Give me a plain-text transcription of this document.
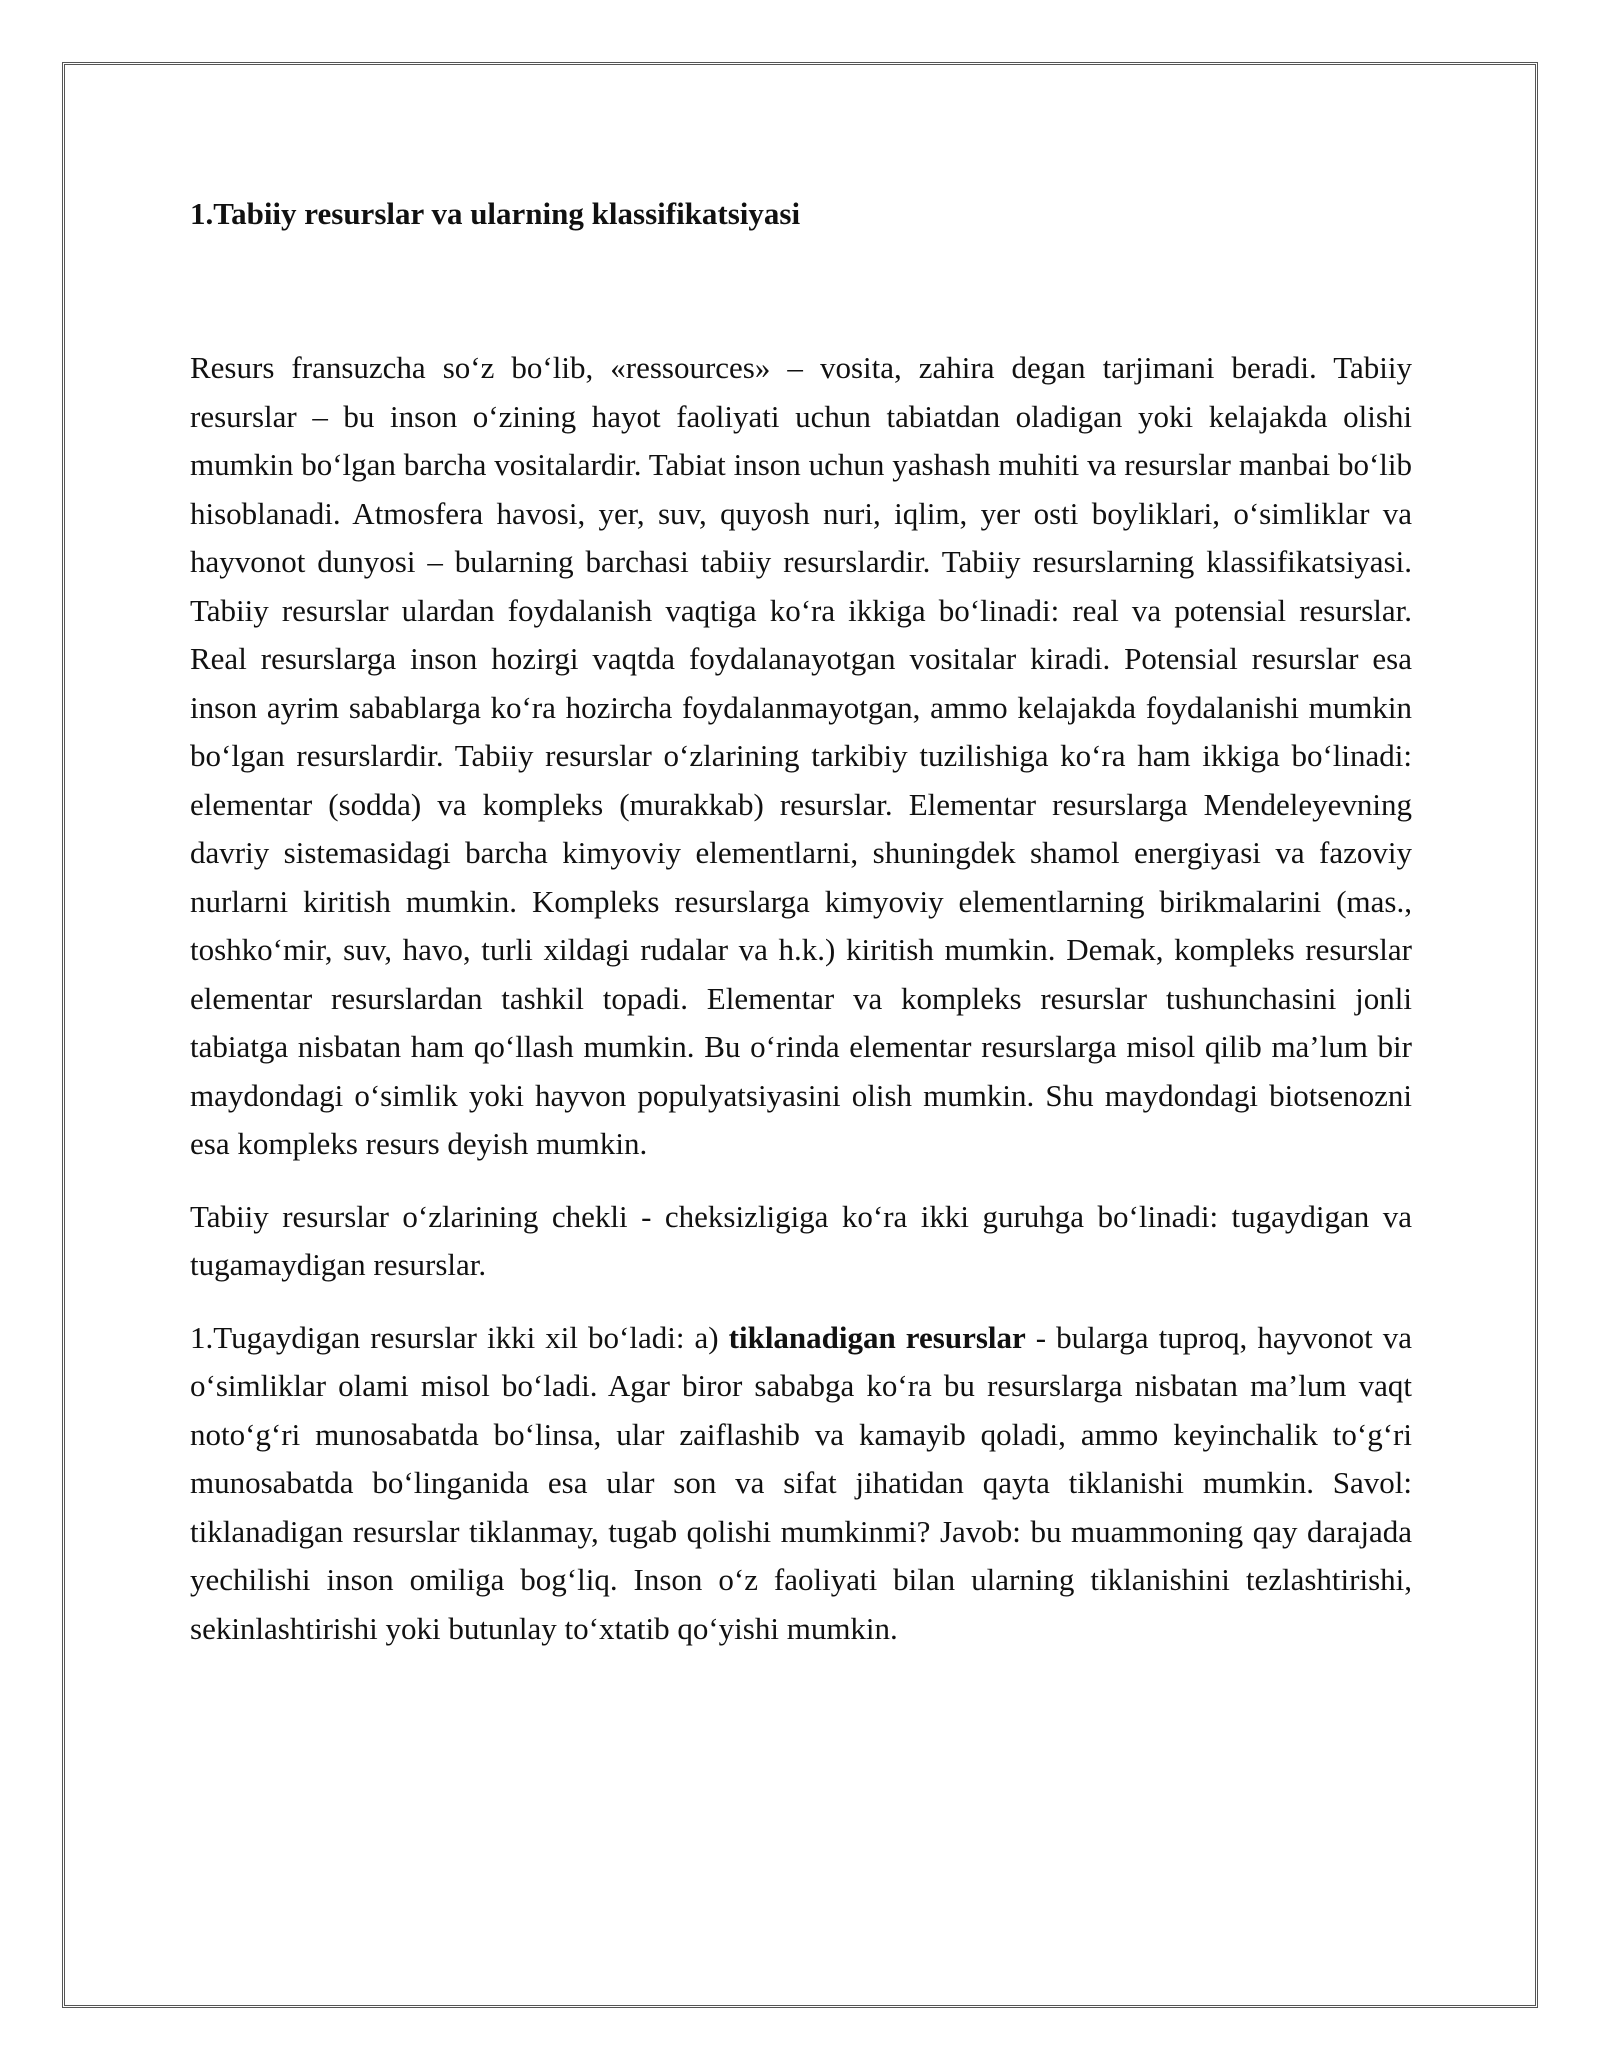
1.Tabiiy resurslar va ularning klassifikatsiyasi

Resurs fransuzcha so‘z bo‘lib, «ressources» – vosita, zahira degan tarjimani beradi. Tabiiy resurslar – bu inson o‘zining hayot faoliyati uchun tabiatdan oladigan yoki kelajakda olishi mumkin bo‘lgan barcha vositalardir. Tabiat inson uchun yashash muhiti va resurslar manbai bo‘lib hisoblanadi. Atmosfera havosi, yer, suv, quyosh nuri, iqlim, yer osti boyliklari, o‘simliklar va hayvonot dunyosi – bularning barchasi tabiiy resurslardir. Tabiiy resurslarning klassifikatsiyasi. Tabiiy resurslar ulardan foydalanish vaqtiga ko‘ra ikkiga bo‘linadi: real va potensial resurslar. Real resurslarga inson hozirgi vaqtda foydalanayotgan vositalar kiradi. Potensial resurslar esa inson ayrim sabablarga ko‘ra hozircha foydalanmayotgan, ammo kelajakda foydalanishi mumkin bo‘lgan resurslardir. Tabiiy resurslar o‘zlarining tarkibiy tuzilishiga ko‘ra ham ikkiga bo‘linadi: elementar (sodda) va kompleks (murakkab) resurslar. Elementar resurslarga Mendeleyevning davriy sistemasidagi barcha kimyoviy elementlarni, shuningdek shamol energiyasi va fazoviy nurlarni kiritish mumkin. Kompleks resurslarga kimyoviy elementlarning birikmalarini (mas., toshko‘mir, suv, havo, turli xildagi rudalar va h.k.) kiritish mumkin. Demak, kompleks resurslar elementar resurslardan tashkil topadi. Elementar va kompleks resurslar tushunchasini jonli tabiatga nisbatan ham qo‘llash mumkin. Bu o‘rinda elementar resurslarga misol qilib ma’lum bir maydondagi o‘simlik yoki hayvon populyatsiyasini olish mumkin. Shu maydondagi biotsenozni esa kompleks resurs deyish mumkin.

Tabiiy resurslar o‘zlarining chekli - cheksizligiga ko‘ra ikki guruhga bo‘linadi: tugaydigan va tugamaydigan resurslar.

1.Tugaydigan resurslar ikki xil bo‘ladi: a) tiklanadigan resurslar - bularga tuproq, hayvonot va o‘simliklar olami misol bo‘ladi. Agar biror sababga ko‘ra bu resurslarga nisbatan ma’lum vaqt noto‘g‘ri munosabatda bo‘linsa, ular zaiflashib va kamayib qoladi, ammo keyinchalik to‘g‘ri munosabatda bo‘linganida esa ular son va sifat jihatidan qayta tiklanishi mumkin. Savol: tiklanadigan resurslar tiklanmay, tugab qolishi mumkinmi? Javob: bu muammoning qay darajada yechilishi inson omiliga bog‘liq. Inson o‘z faoliyati bilan ularning tiklanishini tezlashtirishi, sekinlashtirishi yoki butunlay to‘xtatib qo‘yishi mumkin.
